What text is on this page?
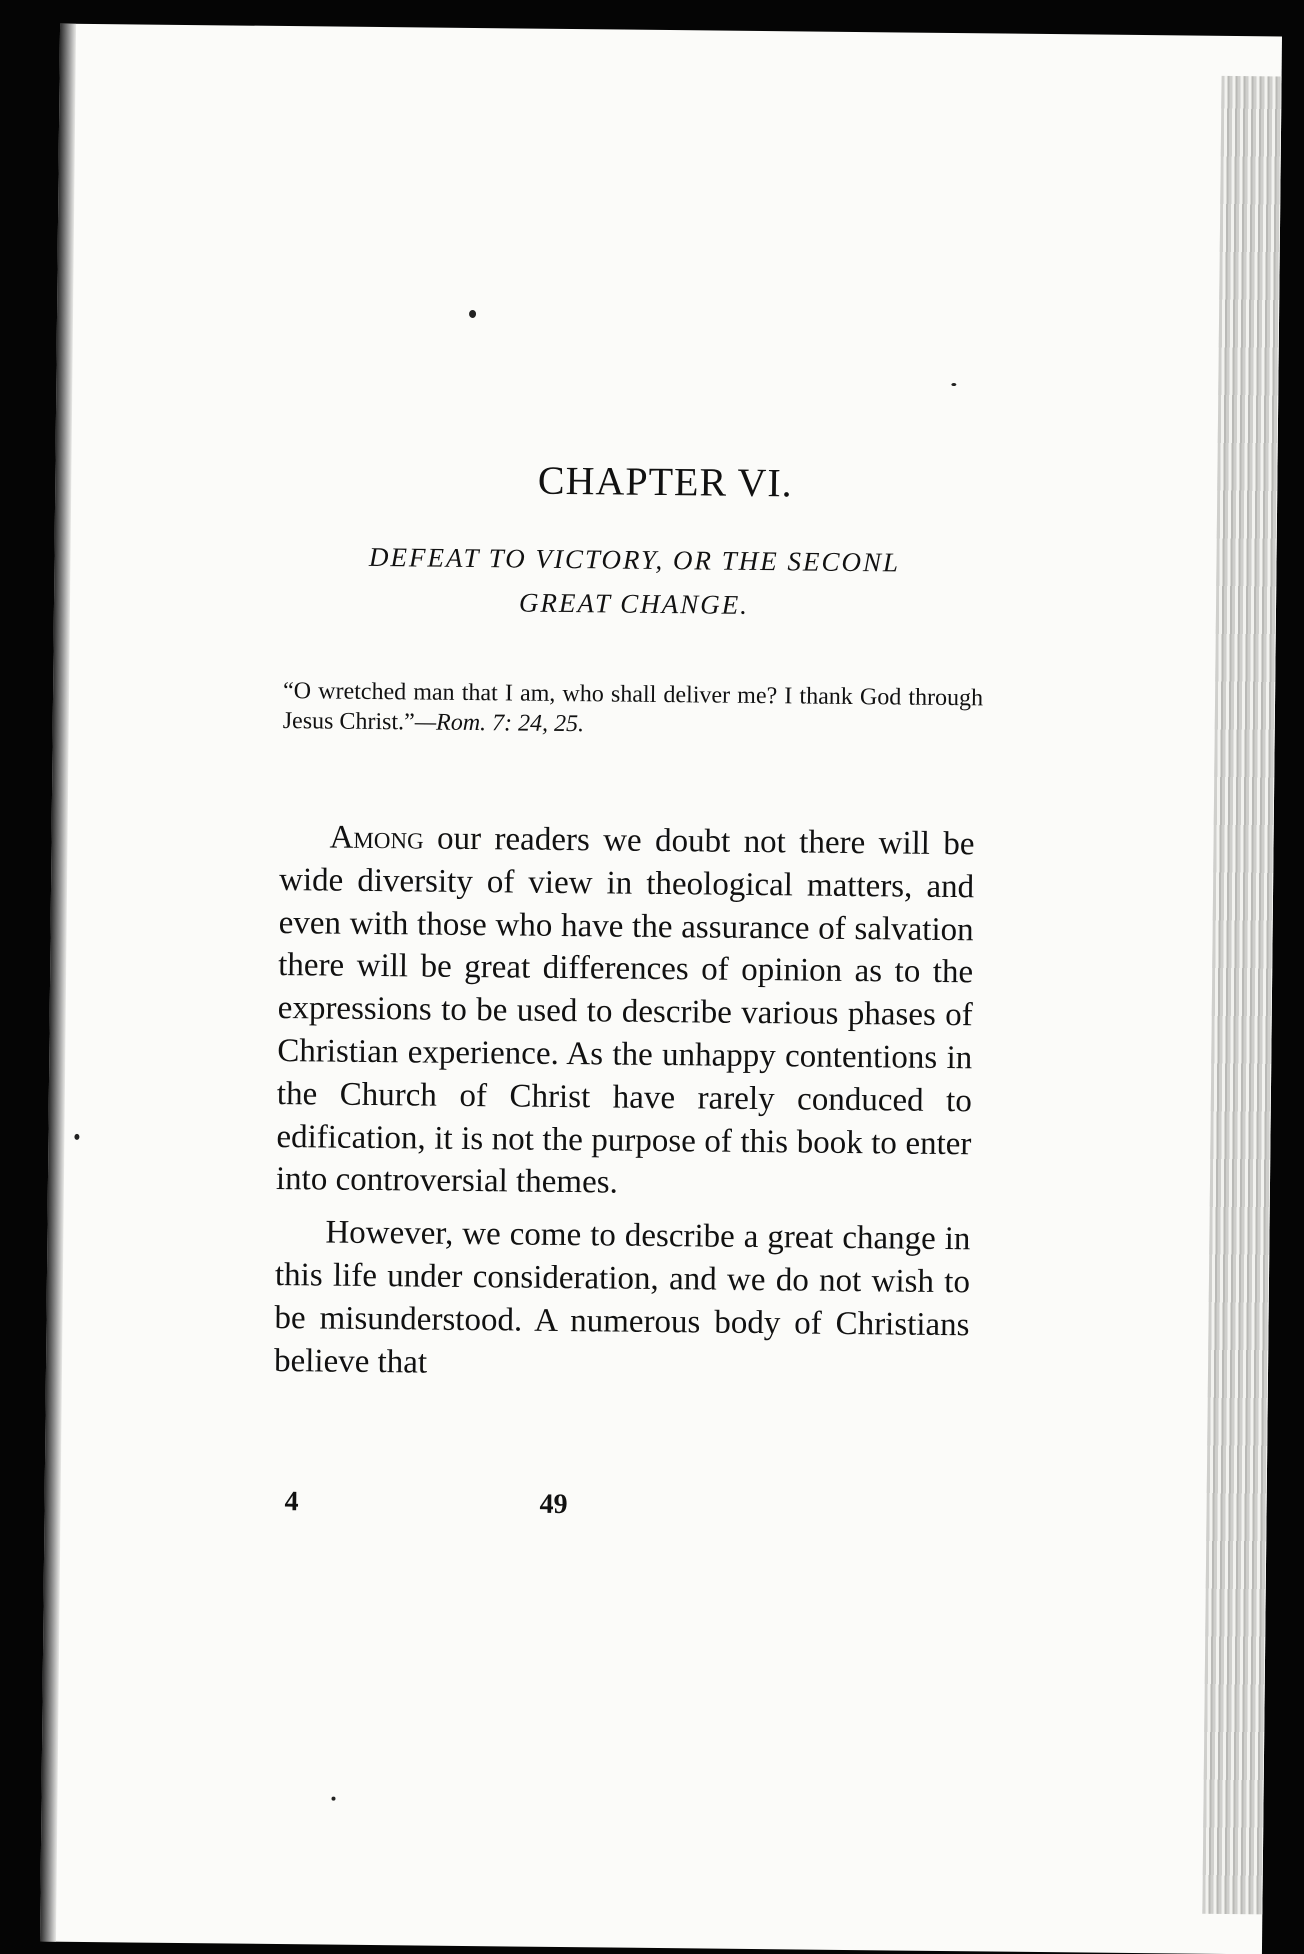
CHAPTER VI.
DEFEAT TO VICTORY, OR THE SECONL
GREAT CHANGE.
“O wretched man that I am, who shall deliver me? I thank God through Jesus Christ.”—Rom. 7: 24, 25.

Among our readers we doubt not there will be wide diversity of view in theological matters, and even with those who have the assurance of salvation there will be great differences of opinion as to the expressions to be used to describe various phases of Christian experience. As the unhappy contentions in the Church of Christ have rarely conduced to edification, it is not the purpose of this book to enter into controversial themes.

However, we come to describe a great change in this life under consideration, and we do not wish to be misunderstood. A numerous body of Christians believe that

4	49
